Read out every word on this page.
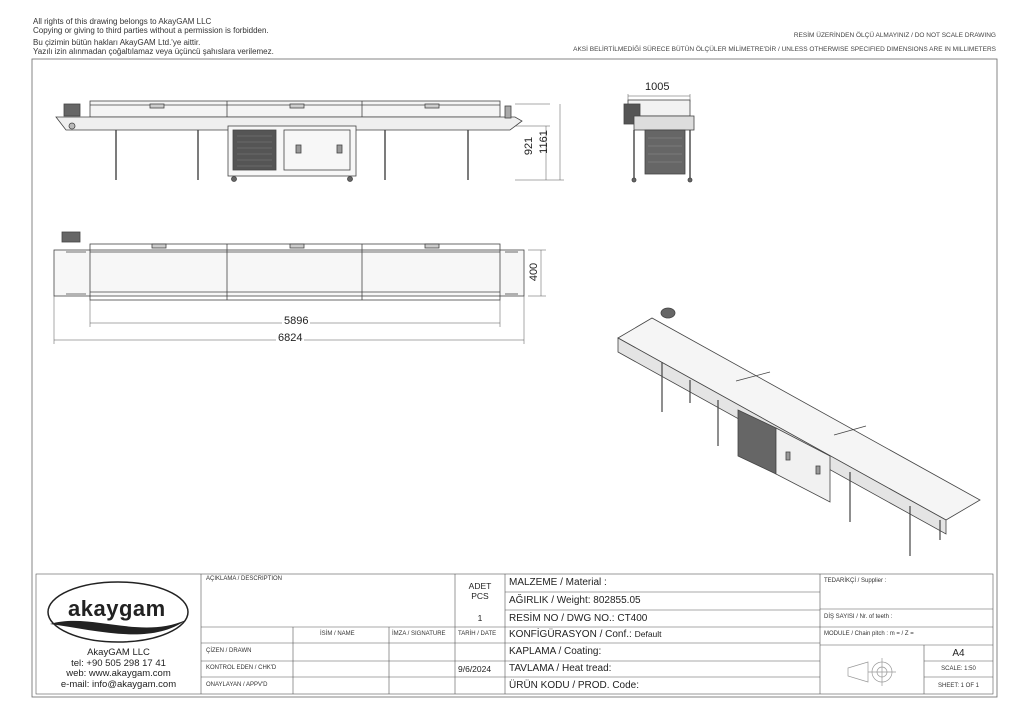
All rights of this drawing belongs to AkayGAM LLC
Copying or giving to third parties without a permission is forbidden.
Bu çizimin bütün hakları AkayGAM Ltd.'ye aittir.
Yazılı izin alınmadan çoğaltılamaz veya üçüncü şahıslara verilemez.
RESİM ÜZERİNDEN ÖLÇÜ ALMAYINIZ / DO NOT SCALE DRAWING
AKSİ BELİRTİLMEDİĞİ SÜRECE BÜTÜN ÖLÇÜLER MİLİMETRE'DİR / UNLESS OTHERWISE SPECIFIED DIMENSIONS ARE IN MILLIMETERS
921 1161
1005
400
5896
6824
akaygam
AkayGAM LLC
tel: +90 505 298 17 41
web: www.akaygam.com
e-mail: info@akaygam.com
AÇIKLAMA / DESCRIPTION
ADET
PCS
1
MALZEME / Material :
AĞIRLIK / Weight: 802855.05
RESİM NO / DWG NO.: CT400
KONFİGÜRASYON / Conf.: Default
KAPLAMA / Coating:
TAVLAMA / Heat tread:
ÜRÜN KODU / PROD. Code:
İSİM / NAME	İMZA / SIGNATURE TARİH / DATE
ÇİZEN / DRAWN
KONTROL EDEN / CHK'D
ONAYLAYAN / APPV'D
9/6/2024
TEDARİKÇİ / Supplier :
DİŞ SAYISI / Nr. of teeth :
MODULE / Chain pitch : m = / Z =
A4
SCALE: 1:50
SHEET: 1 OF 1
